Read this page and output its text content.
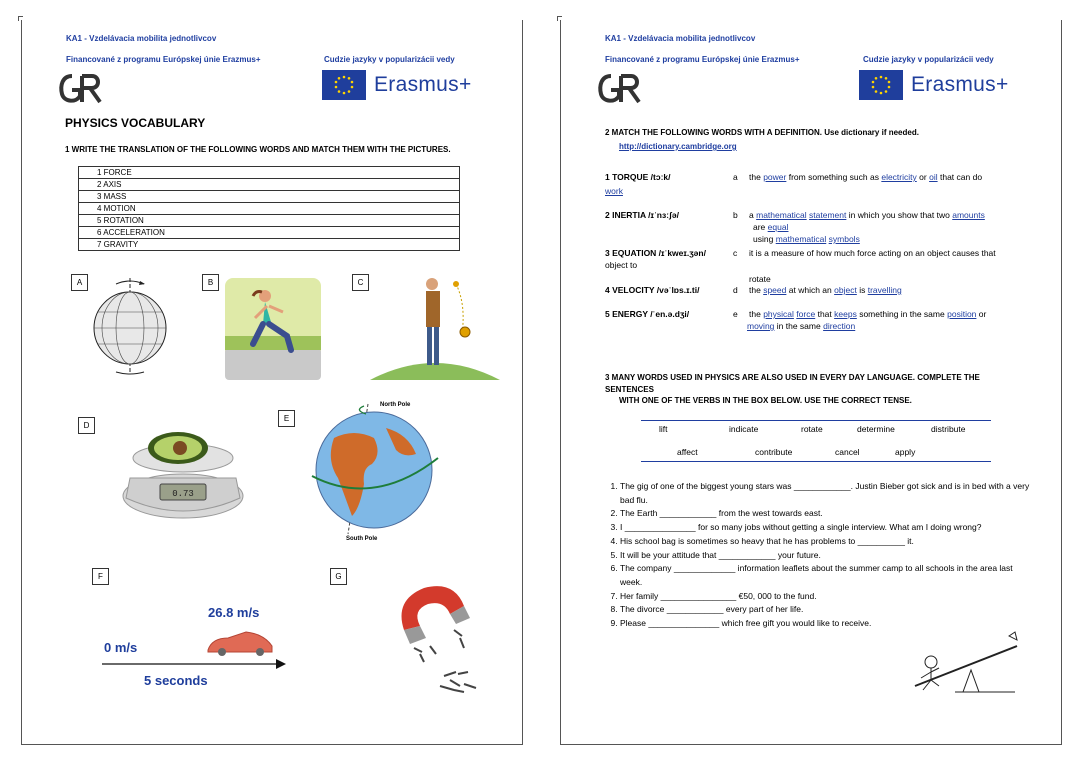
KA1 - Vzdelávacia mobilita jednotlivcov
Financované z programu Európskej únie Erazmus+	Cudzie jazyky v popularizácii vedy
Erasmus+
PHYSICS VOCABULARY
1 WRITE THE TRANSLATION OF THE FOLLOWING WORDS AND MATCH THEM WITH THE PICTURES.
1 FORCE
2 AXIS
3 MASS
4 MOTION
5 ROTATION
6 ACCELERATION
7 GRAVITY
A	B	C
D
0.73
E
North Pole
South Pole
F
26.8 m/s
0 m/s
5 seconds
G
KA1 - Vzdelávacia mobilita jednotlivcov
Financované z programu Európskej únie Erazmus+	Cudzie jazyky v popularizácii vedy
Erasmus+
2 MATCH THE FOLLOWING WORDS WITH A DEFINITION. Use dictionary if needed.
http://dictionary.cambridge.org
1 TORQUE /tɔːk/	a the power from something such as electricity or oil that can do
work
2 INERTIA /ɪˈnɜːʃə/	b a mathematical statement in which you show that two amounts
are equal
using mathematical symbols
3 EQUATION /ɪˈkweɪ.ʒən/	c	it is a measure of how much force acting on an object causes that object to
rotate
4 VELOCITY /vəˈlɒs.ɪ.ti/	d the speed at which an object is travelling
5 ENERGY /ˈen.ə.dʒi/	e the physical force that keeps something in the same position or
moving in the same direction
3 MANY WORDS USED IN PHYSICS ARE ALSO USED IN EVERY DAY LANGUAGE. COMPLETE THE SENTENCES
WITH ONE OF THE VERBS IN THE BOX BELOW. USE THE CORRECT TENSE.
lift	indicate	rotate	determine	distribute
affect	contribute	cancel	apply
1. The gig of one of the biggest young stars was ____________. Justin Bieber got sick and is in bed with a very bad flu.
2. The Earth ____________ from the west towards east.
3. I _______________ for so many jobs without getting a single interview. What am I doing wrong?
4. His school bag is sometimes so heavy that he has problems to __________ it.
5. It will be your attitude that ____________ your future.
6. The company _____________ information leaflets about the summer camp to all schools in the area last week.
7. Her family ________________ €50, 000 to the fund.
8. The divorce ____________ every part of her life.
9. Please _______________ which free gift you would like to receive.
